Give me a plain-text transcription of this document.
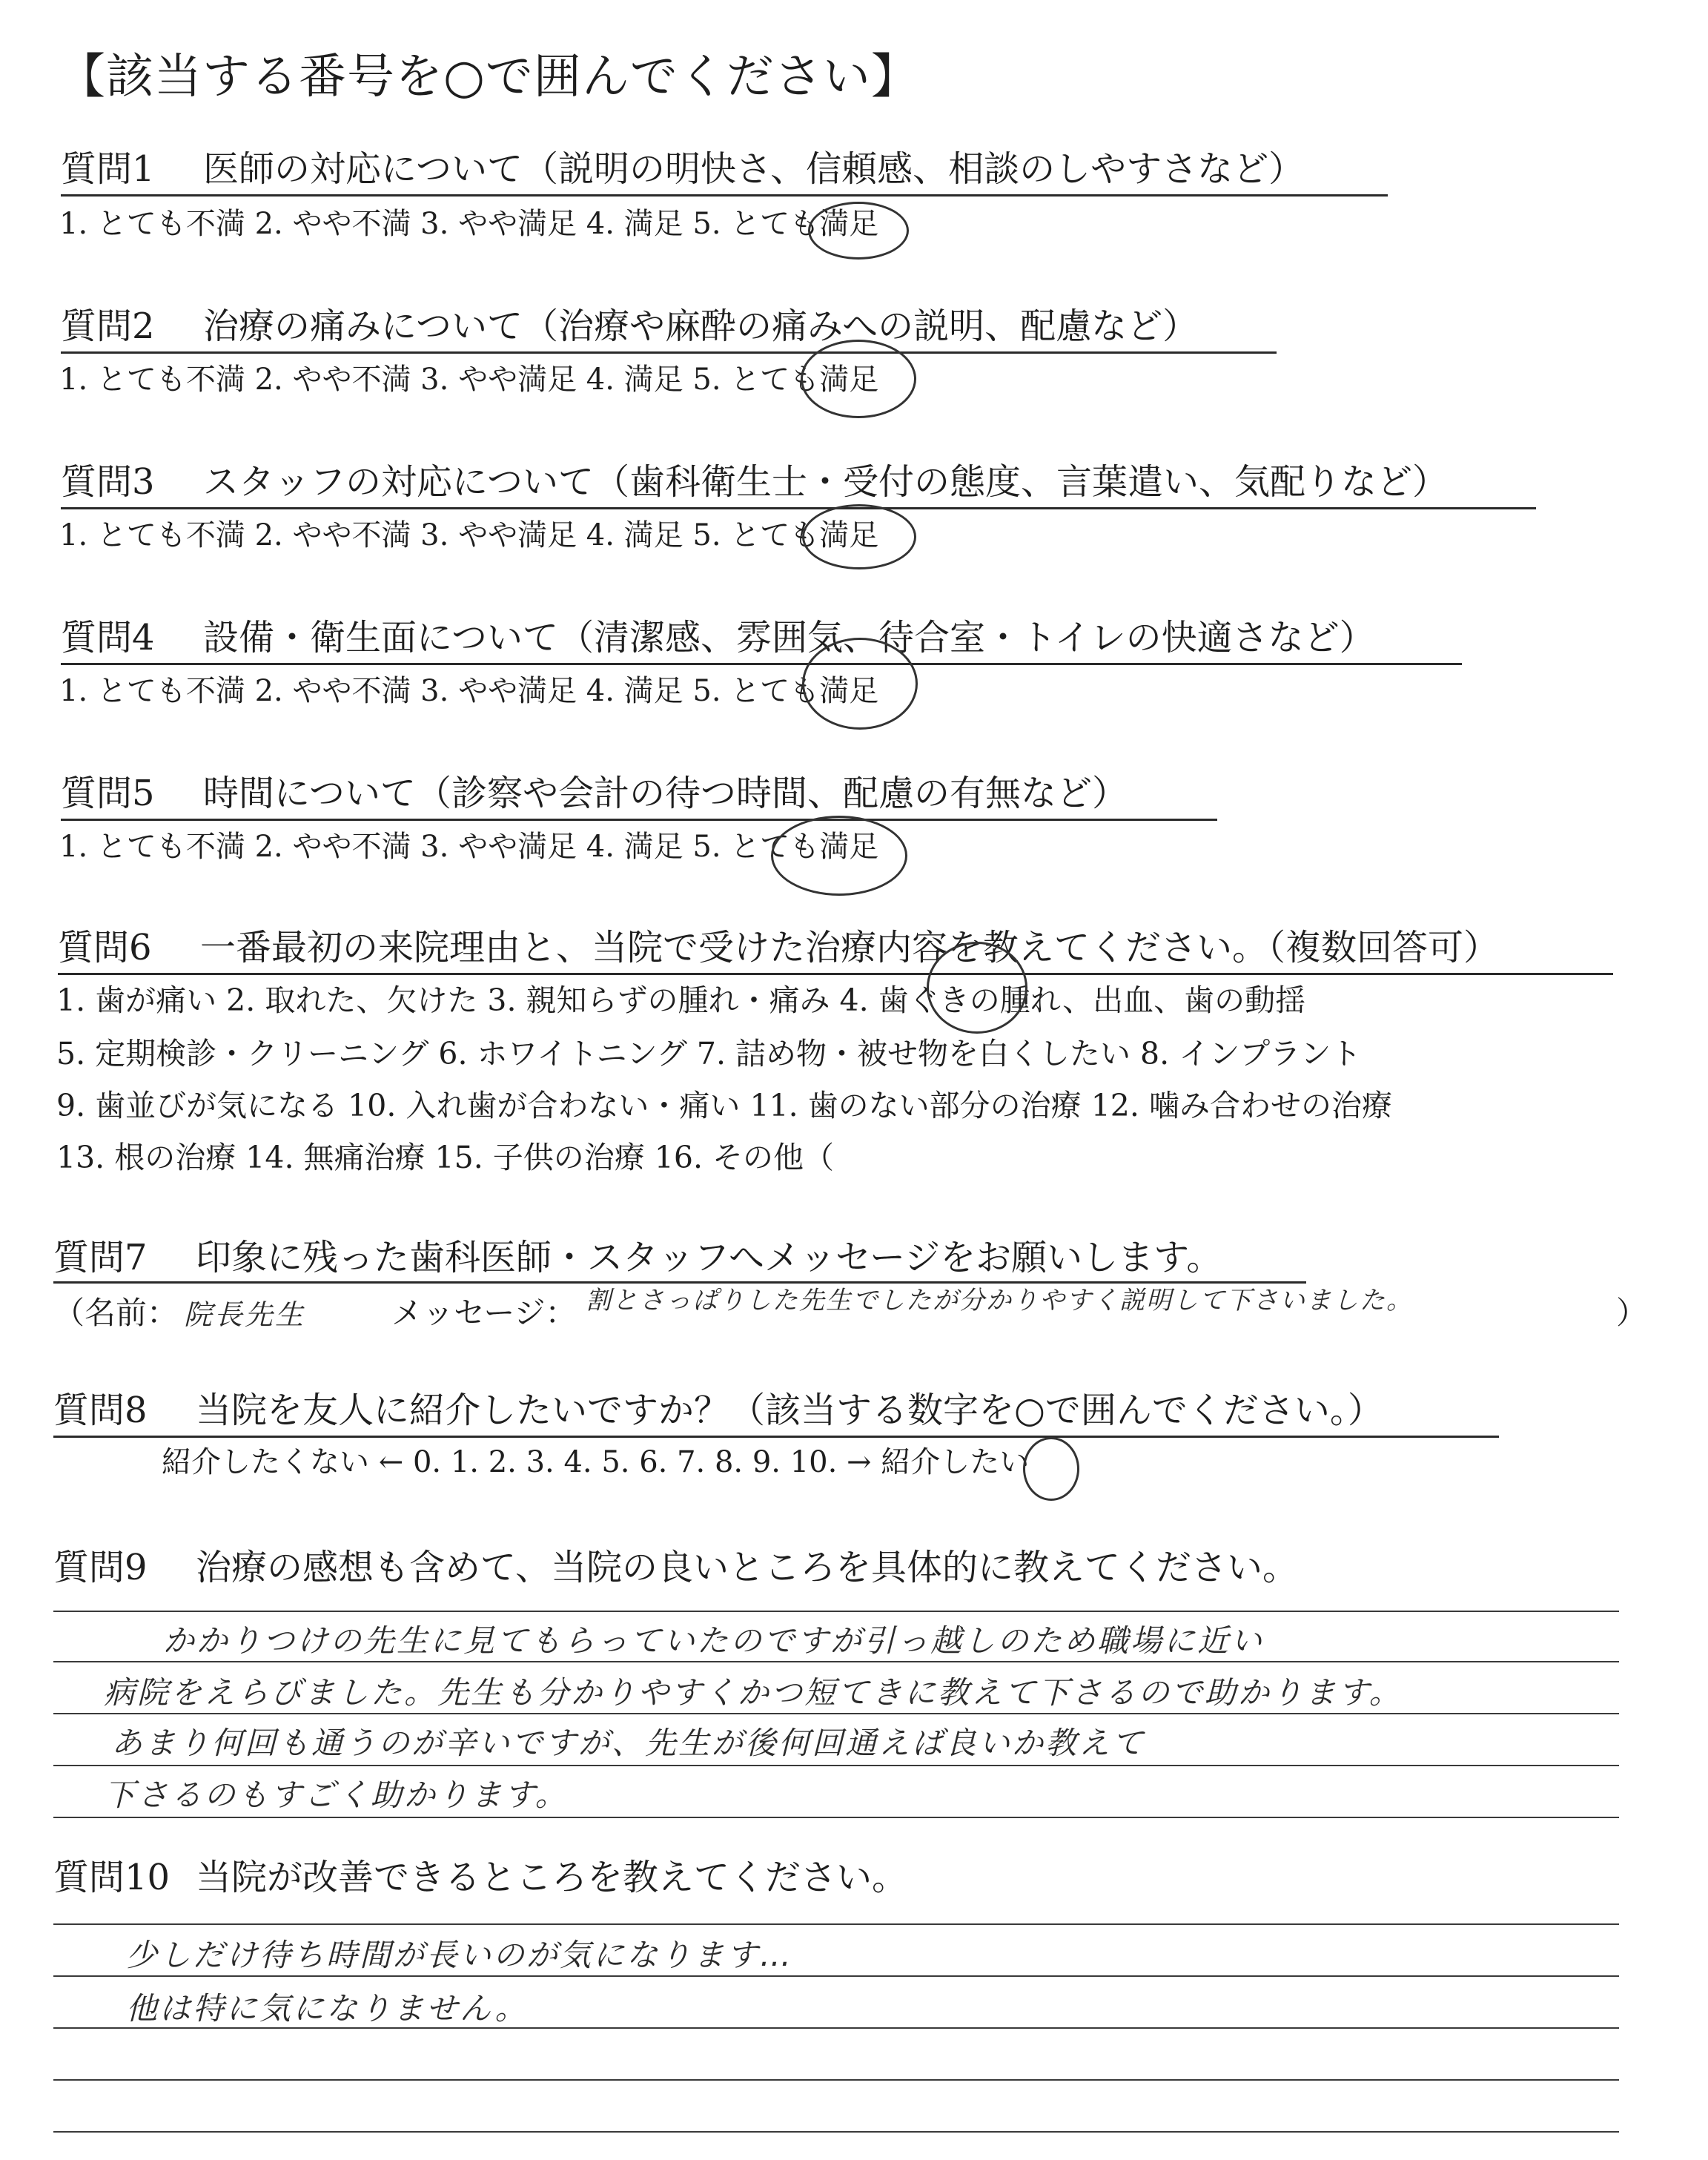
【該当する番号を○で囲んでください】
質問1 医師の対応について（説明の明快さ、信頼感、相談のしやすさなど）
1. とても不満 2. やや不満 3. やや満足 4. 満足 5. とても満足
質問2 治療の痛みについて（治療や麻酔の痛みへの説明、配慮など）
1. とても不満 2. やや不満 3. やや満足 4. 満足 5. とても満足
質問3 スタッフの対応について（歯科衛生士・受付の態度、言葉遣い、気配りなど）
1. とても不満 2. やや不満 3. やや満足 4. 満足 5. とても満足
質問4 設備・衛生面について（清潔感、雰囲気、待合室・トイレの快適さなど）
1. とても不満 2. やや不満 3. やや満足 4. 満足 5. とても満足
質問5 時間について（診察や会計の待つ時間、配慮の有無など）
1. とても不満 2. やや不満 3. やや満足 4. 満足 5. とても満足
質問6 一番最初の来院理由と、当院で受けた治療内容を教えてください。（複数回答可）
1. 歯が痛い 2. 取れた、欠けた 3. 親知らずの腫れ・痛み 4. 歯ぐきの腫れ、出血、歯の動揺
5. 定期検診・クリーニング 6. ホワイトニング 7. 詰め物・被せ物を白くしたい 8. インプラント
9. 歯並びが気になる 10. 入れ歯が合わない・痛い 11. 歯のない部分の治療 12. 噛み合わせの治療
13. 根の治療 14. 無痛治療 15. 子供の治療 16. その他（
質問7 印象に残った歯科医師・スタッフへメッセージをお願いします。
（名前： 院長先生	メッセージ： 割とさっぱりした先生でしたが分かりやすく説明して下さいました。	）
質問8 当院を友人に紹介したいですか？（該当する数字を○で囲んでください。）
紹介したくない ← 0. 1. 2. 3. 4. 5. 6. 7. 8. 9. 10. → 紹介したい
質問9 治療の感想も含めて、当院の良いところを具体的に教えてください。
かかりつけの先生に見てもらっていたのですが引っ越しのため職場に近い
病院をえらびました。先生も分かりやすくかつ短てきに教えて下さるので助かります。
あまり何回も通うのが辛いですが、先生が後何回通えば良いか教えて
下さるのもすごく助かります。
質問10 当院が改善できるところを教えてください。
少しだけ待ち時間が長いのが気になります…
他は特に気になりません。
